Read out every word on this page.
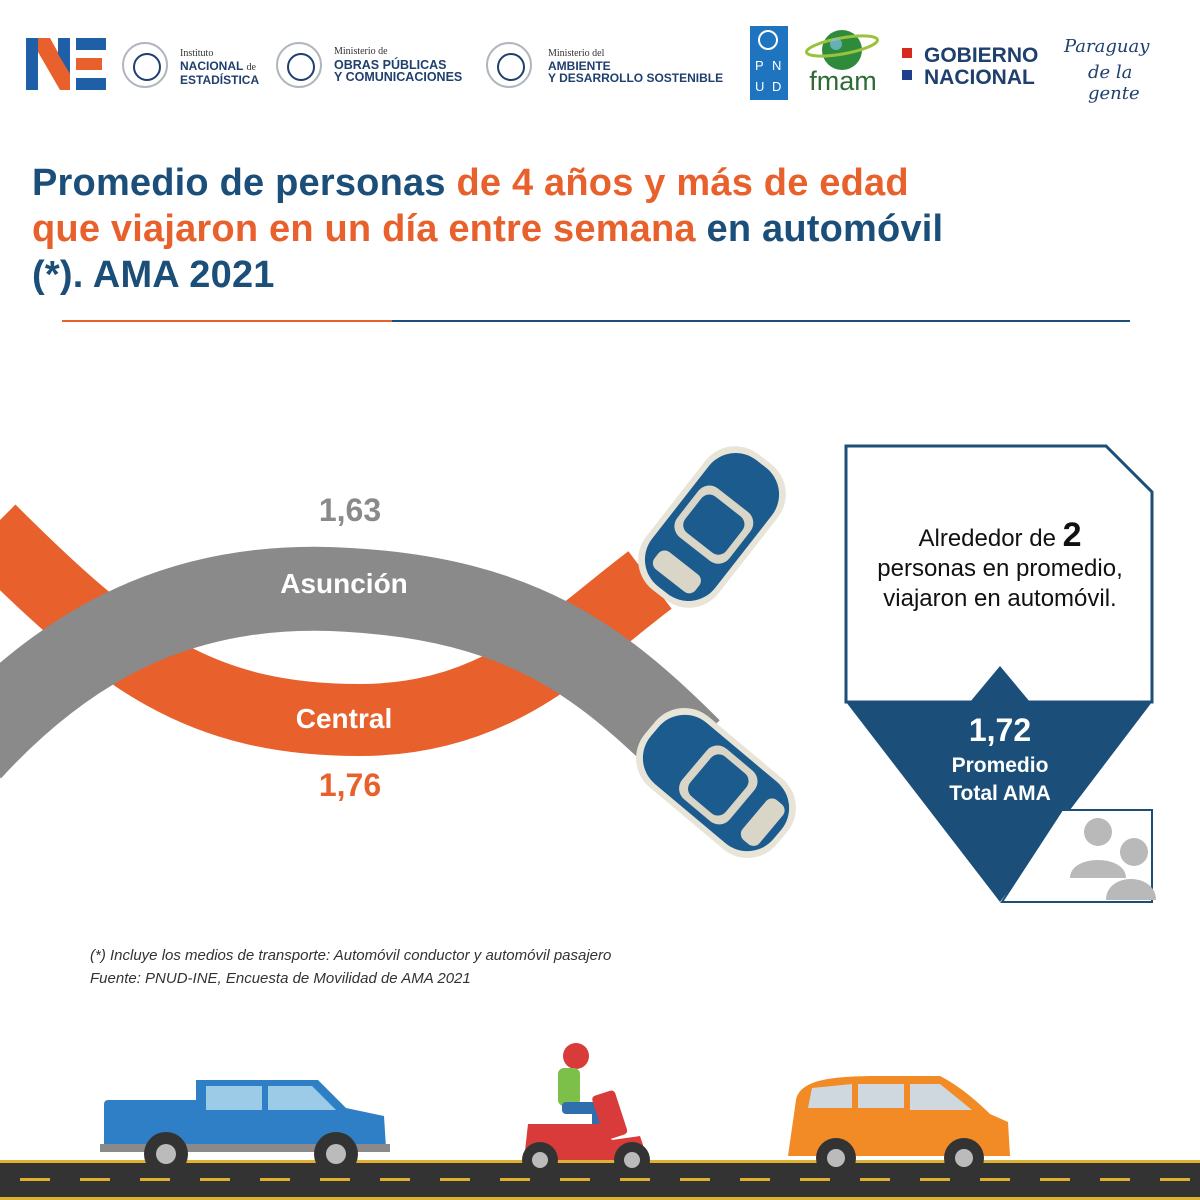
Instituto
NACIONAL de
ESTADÍSTICA
Ministerio de
OBRAS PÚBLICAS
Y COMUNICACIONES
Ministerio del
AMBIENTE
Y DESARROLLO SOSTENIBLE
P N
U D	fmam
GOBIERNO
NACIONAL
Paraguay
de la gente
Promedio de personas de 4 años y más de edad
que viajaron en un día entre semana en automóvil
(*). AMA 2021
1,63
Asunción
Central
1,76
Alrededor de 2
personas en promedio,
viajaron en automóvil.
1,72
Promedio
Total AMA
(*) Incluye los medios de transporte: Automóvil conductor y automóvil pasajero
Fuente: PNUD-INE, Encuesta de Movilidad de AMA 2021
